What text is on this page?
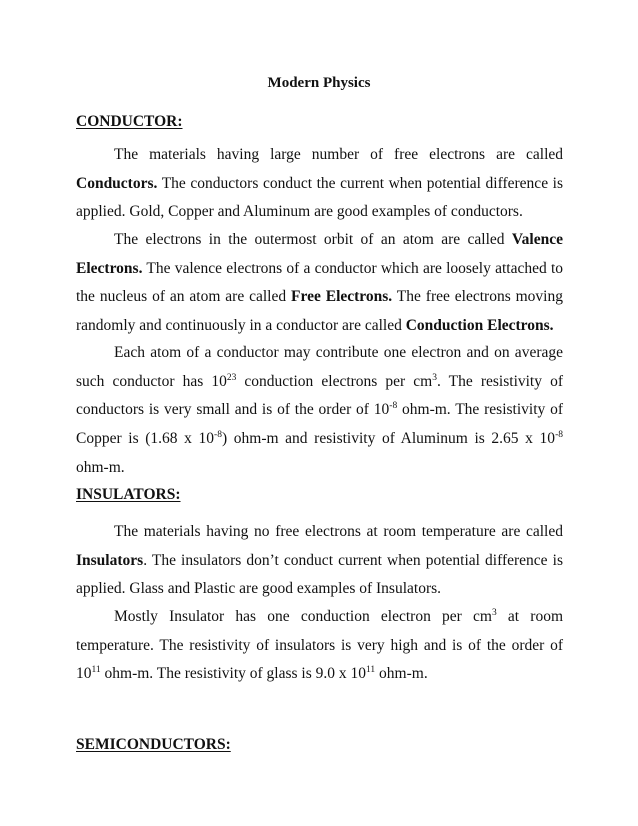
Modern Physics
CONDUCTOR:

The materials having large number of free electrons are called Conductors. The conductors conduct the current when potential difference is applied. Gold, Copper and Aluminum are good examples of conductors.

The electrons in the outermost orbit of an atom are called Valence Electrons. The valence electrons of a conductor which are loosely attached to the nucleus of an atom are called Free Electrons. The free electrons moving randomly and continuously in a conductor are called Conduction Electrons.

Each atom of a conductor may contribute one electron and on average such conductor has $10^{23}$ conduction electrons per $cm^3$. The resistivity of conductors is very small and is of the order of $10^{-8}$ ohm-m. The resistivity of Copper is (1.68 x $10^{-8}$) ohm-m and resistivity of Aluminum is 2.65 x $10^{-8}$ ohm-m.

INSULATORS:

The materials having no free electrons at room temperature are called Insulators. The insulators don’t conduct current when potential difference is applied. Glass and Plastic are good examples of Insulators.

Mostly Insulator has one conduction electron per $cm^3$ at room temperature. The resistivity of insulators is very high and is of the order of $10^{11}$ ohm-m. The resistivity of glass is 9.0 x $10^{11}$ ohm-m.

SEMICONDUCTORS:
